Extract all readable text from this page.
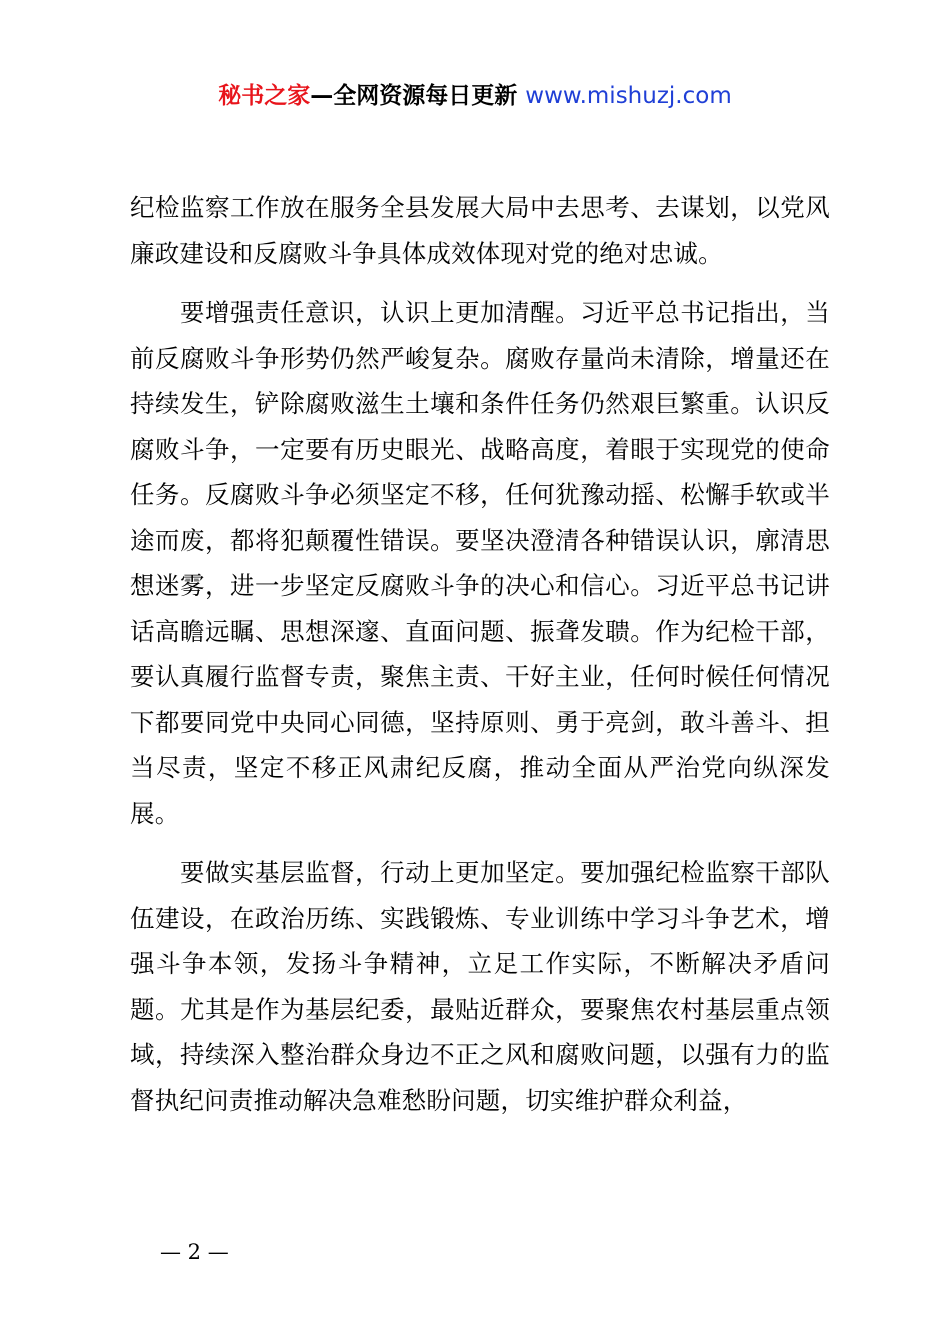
秘书之家—全网资源每日更新 www.mishuzj.com

纪检监察工作放在服务全县发展大局中去思考、去谋划，以党风廉政建设和反腐败斗争具体成效体现对党的绝对忠诚。

　　要增强责任意识，认识上更加清醒。习近平总书记指出，当前反腐败斗争形势仍然严峻复杂。腐败存量尚未清除，增量还在持续发生，铲除腐败滋生土壤和条件任务仍然艰巨繁重。认识反腐败斗争，一定要有历史眼光、战略高度，着眼于实现党的使命任务。反腐败斗争必须坚定不移，任何犹豫动摇、松懈手软或半途而废，都将犯颠覆性错误。要坚决澄清各种错误认识，廓清思想迷雾，进一步坚定反腐败斗争的决心和信心。习近平总书记讲话高瞻远瞩、思想深邃、直面问题、振聋发聩。作为纪检干部，要认真履行监督专责，聚焦主责、干好主业，任何时候任何情况下都要同党中央同心同德，坚持原则、勇于亮剑，敢斗善斗、担当尽责，坚定不移正风肃纪反腐，推动全面从严治党向纵深发展。

　　要做实基层监督，行动上更加坚定。要加强纪检监察干部队伍建设，在政治历练、实践锻炼、专业训练中学习斗争艺术，增强斗争本领，发扬斗争精神，立足工作实际，不断解决矛盾问题。尤其是作为基层纪委，最贴近群众，要聚焦农村基层重点领域，持续深入整治群众身边不正之风和腐败问题，以强有力的监督执纪问责推动解决急难愁盼问题，切实维护群众利益，

— 2 —
